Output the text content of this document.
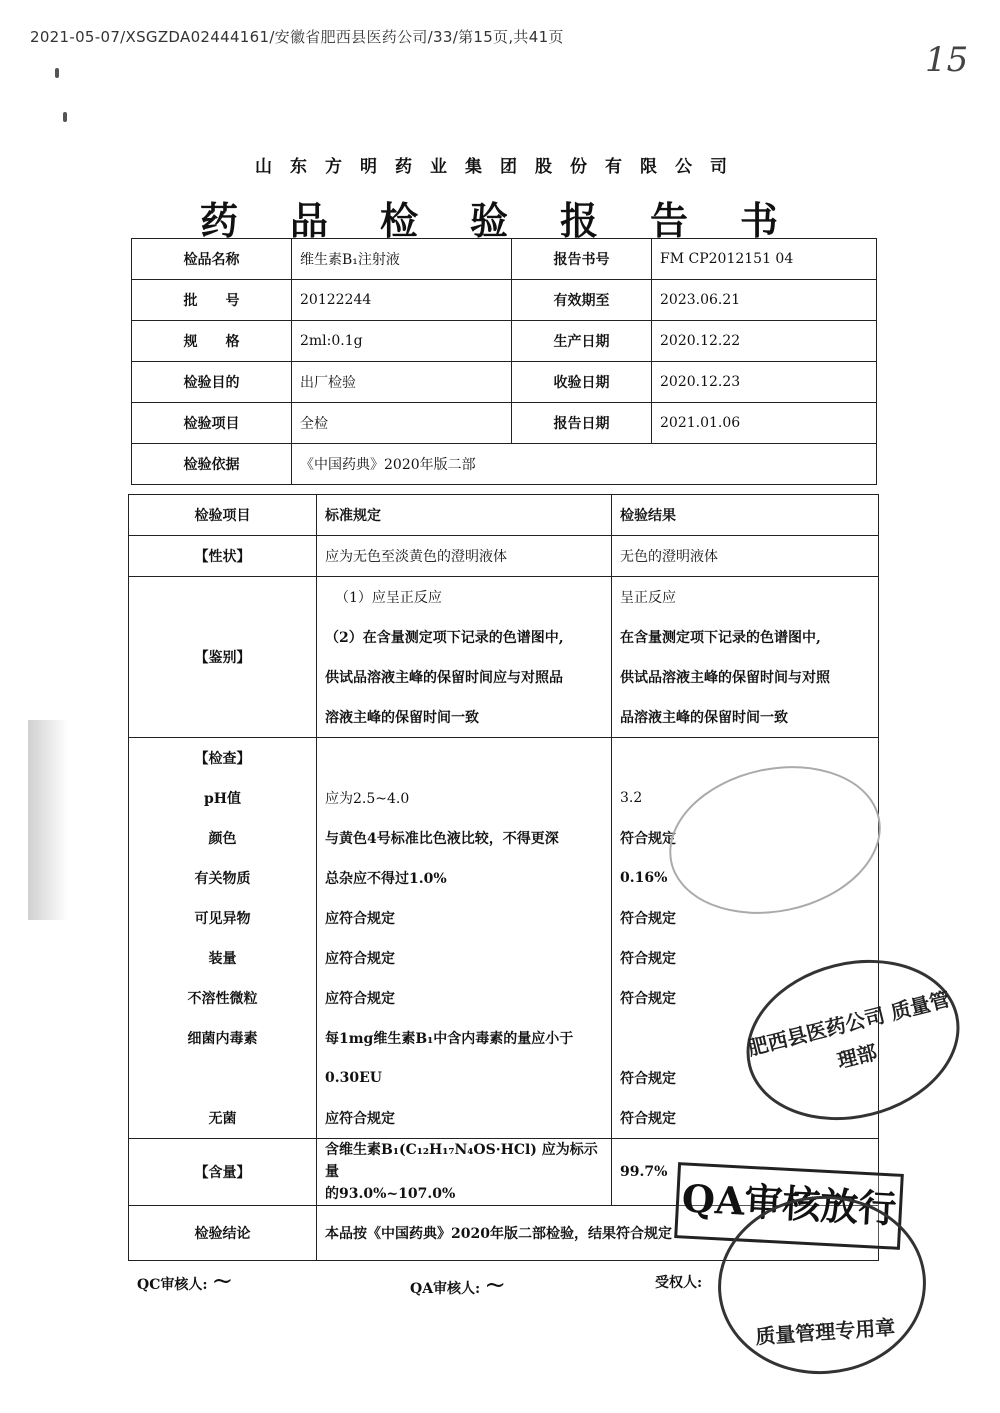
2021-05-07/XSGZDA02444161/安徽省肥西县医药公司/33/第15页,共41页
15
山东方明药业集团股份有限公司
药品检验报告书
检品名称	维生素B₁注射液	报告书号	FM CP2012151 04
批　　号	20122244	有效期至	2023.06.21
规　　格	2ml:0.1g	生产日期	2020.12.22
检验目的	出厂检验	收验日期	2020.12.23
检验项目	全检	报告日期	2021.01.06
检验依据	《中国药典》2020年版二部		
检验项目	标准规定	检验结果
【性状】	应为无色至淡黄色的澄明液体	无色的澄明液体
【鉴别】	（1）应呈正反应	呈正反应
	（2）在含量测定项下记录的色谱图中,	在含量测定项下记录的色谱图中,
	供试品溶液主峰的保留时间应与对照品	供试品溶液主峰的保留时间与对照
	溶液主峰的保留时间一致	品溶液主峰的保留时间一致
【检查】		
pH值	应为2.5~4.0	3.2
颜色	与黄色4号标准比色液比较，不得更深	符合规定
有关物质	总杂应不得过1.0%	0.16%
可见异物	应符合规定	符合规定
装量	应符合规定	符合规定
不溶性微粒	应符合规定	符合规定
细菌内毒素	每1mg维生素B₁中含内毒素的量应小于	
	0.30EU	符合规定
无菌	应符合规定	符合规定
【含量】	含维生素B₁(C₁₂H₁₇N₄OS·HCl) 应为标示量
的93.0%~107.0%	99.7%
检验结论	本品按《中国药典》2020年版二部检验，结果符合规定	
QC审核人: ~	QA审核人: ~	受权人:
肥西县医药公司 质量管理部
QA审核放行
质量管理专用章
